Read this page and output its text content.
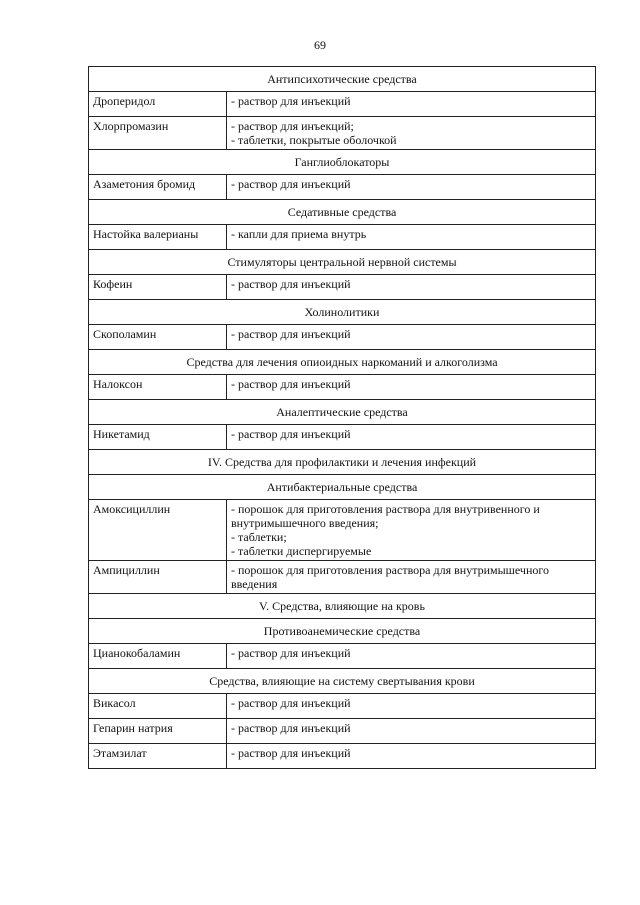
69
Антипсихотические средства	
Дроперидол	- раствор для инъекций

Хлорпромазин	- раствор для инъекций;
- таблетки, покрытые оболочкой

Ганглиоблокаторы	
Азаметония бромид	- раствор для инъекций

Седативные средства	
Настойка валерианы	- капли для приема внутрь

Стимуляторы центральной нервной системы	
Кофеин	- раствор для инъекций

Холинолитики	
Скополамин	- раствор для инъекций

Средства для лечения опиоидных наркоманий и алкоголизма	
Налоксон	- раствор для инъекций

Аналептические средства	
Никетамид	- раствор для инъекций

IV. Средства для профилактики и лечения инфекций	
Антибактериальные средства	
Амоксициллин	- порошок для приготовления раствора для внутривенного и внутримышечного введения;
- таблетки;
- таблетки диспергируемые

Ампициллин	- порошок для приготовления раствора для внутримышечного введения

V. Средства, влияющие на кровь	
Противоанемические средства	
Цианокобаламин	- раствор для инъекций

Средства, влияющие на систему свертывания крови	
Викасол	- раствор для инъекций

Гепарин натрия	- раствор для инъекций

Этамзилат	- раствор для инъекций
